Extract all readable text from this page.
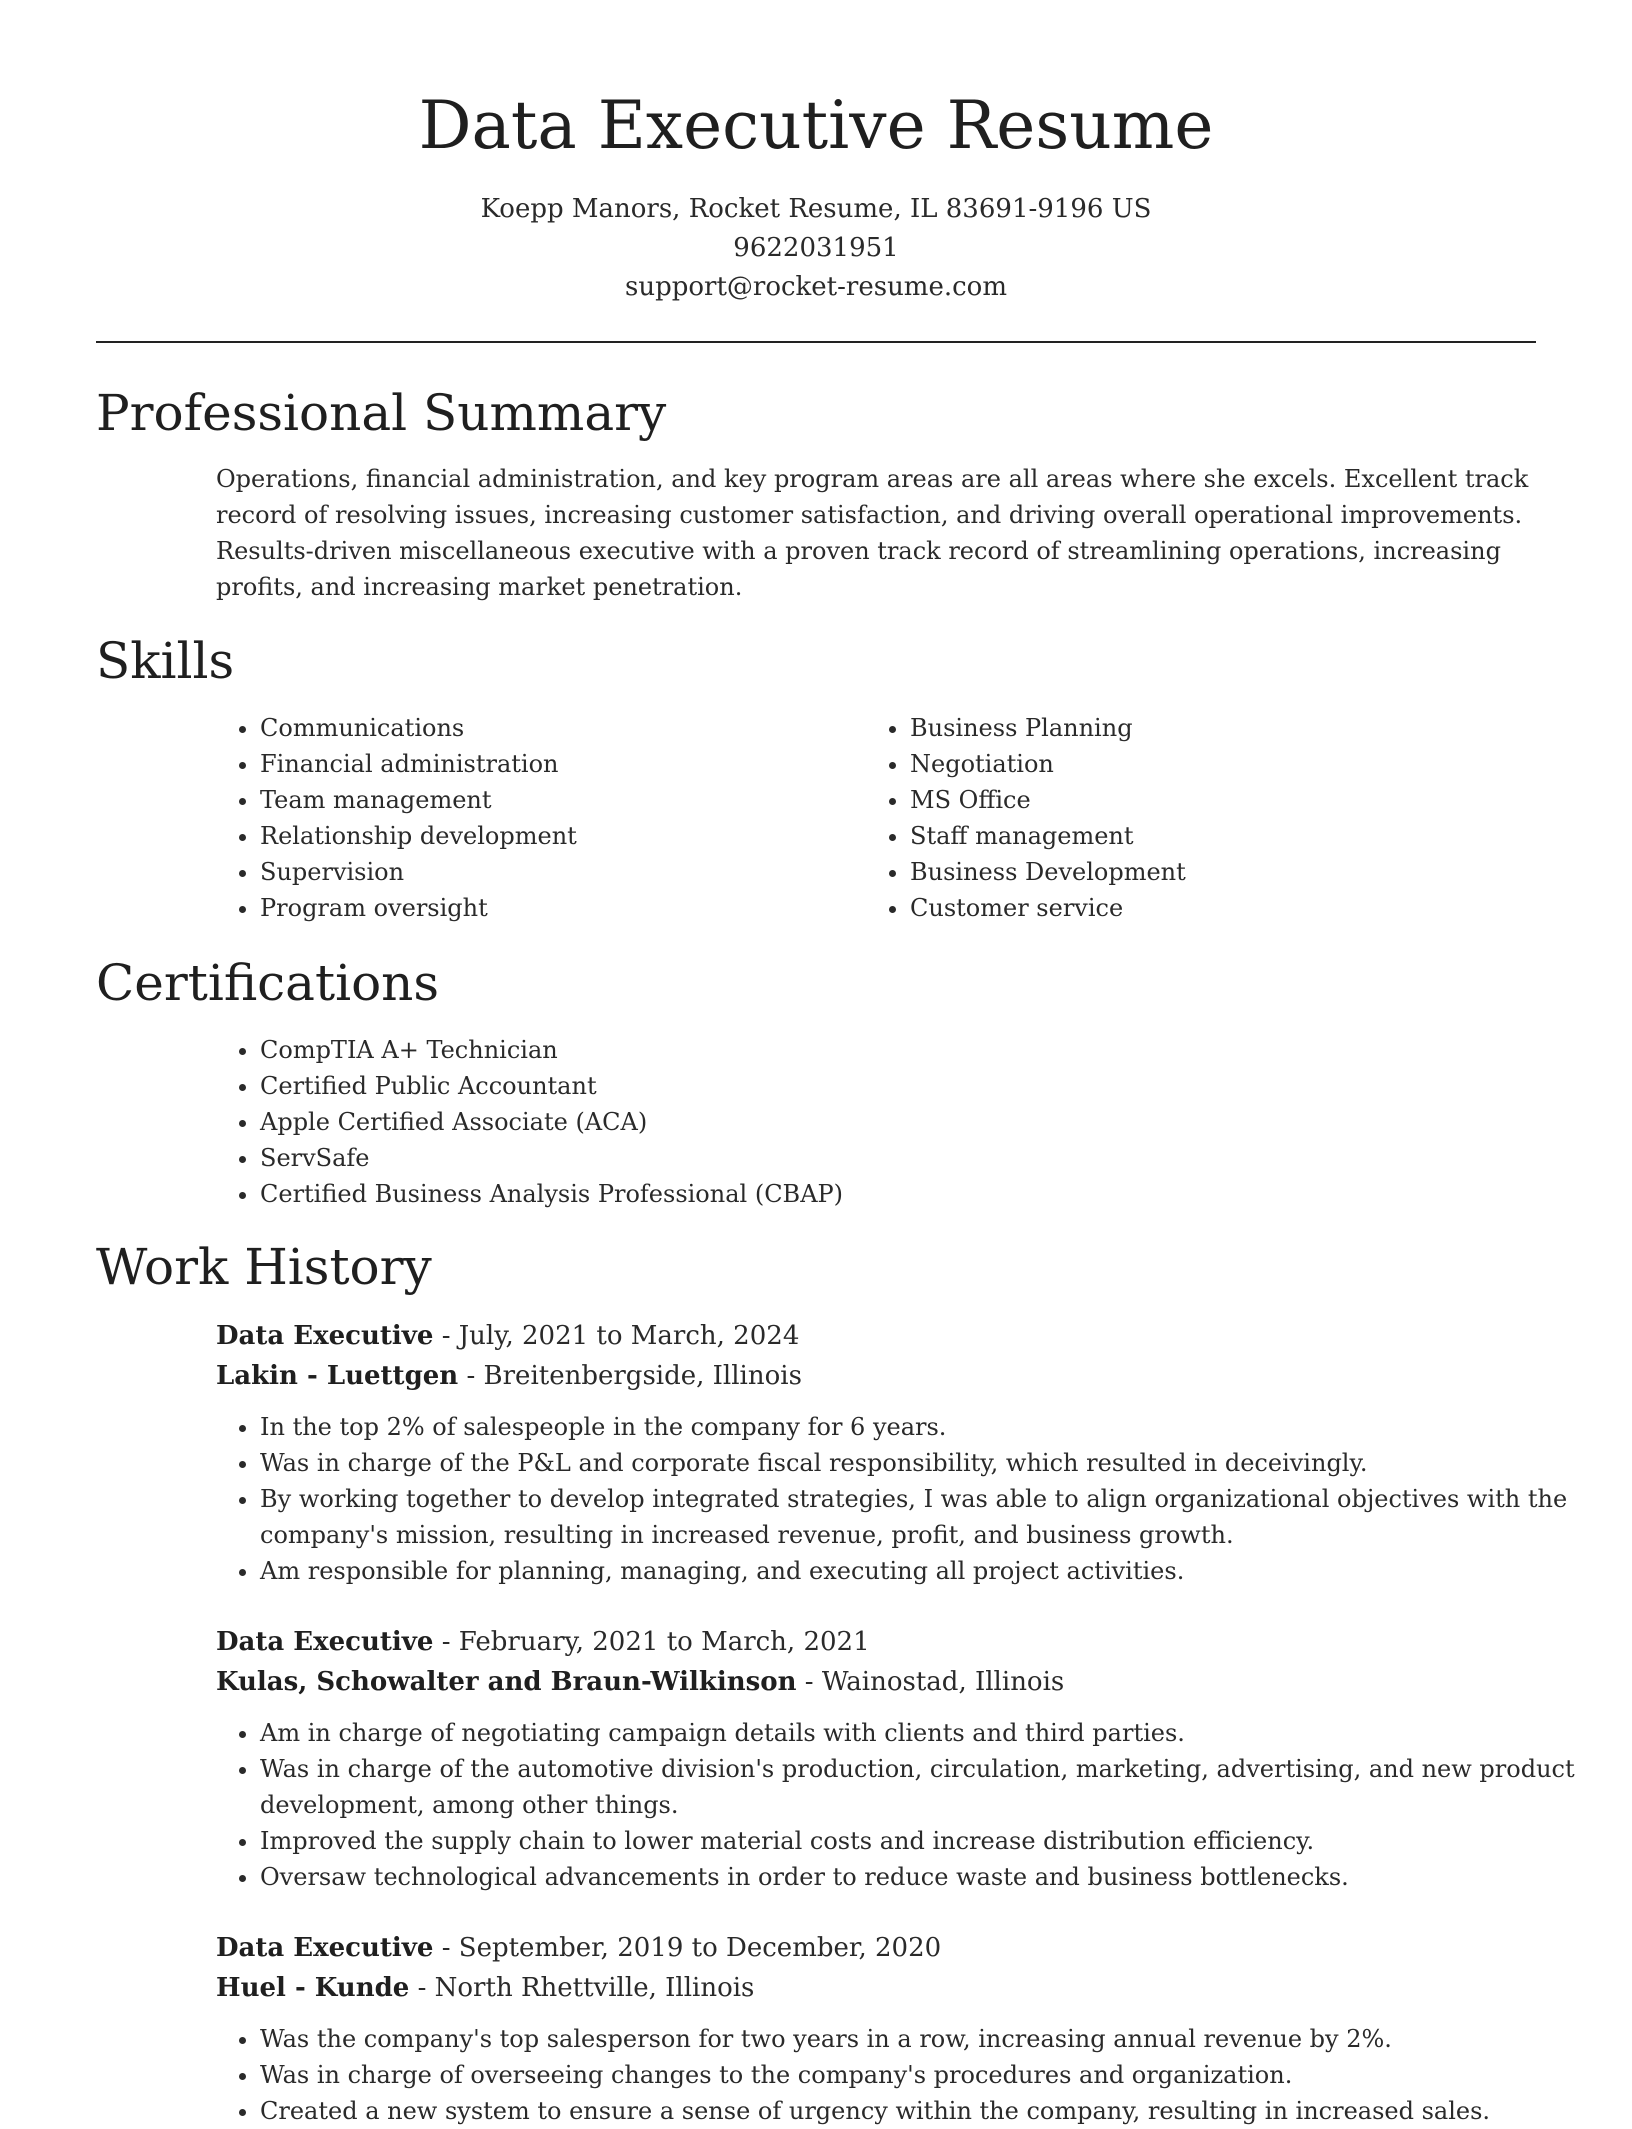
Data Executive Resume
Koepp Manors, Rocket Resume, IL 83691-9196 US
9622031951
support@rocket-resume.com
Professional Summary

Operations, financial administration, and key program areas are all areas where she excels. Excellent track record of resolving issues, increasing customer satisfaction, and driving overall operational improvements. Results-driven miscellaneous executive with a proven track record of streamlining operations, increasing profits, and increasing market penetration.

Skills
• Communications
• Financial administration
• Team management
• Relationship development
• Supervision
• Program oversight
• Business Planning
• Negotiation
• MS Office
• Staff management
• Business Development
• Customer service
Certifications
• CompTIA A+ Technician
• Certified Public Accountant
• Apple Certified Associate (ACA)
• ServSafe
• Certified Business Analysis Professional (CBAP)
Work History
Data Executive - July, 2021 to March, 2024
Lakin - Luettgen - Breitenbergside, Illinois
• In the top 2% of salespeople in the company for 6 years.
• Was in charge of the P&L and corporate fiscal responsibility, which resulted in deceivingly.
• By working together to develop integrated strategies, I was able to align organizational objectives with the company's mission, resulting in increased revenue, profit, and business growth.
• Am responsible for planning, managing, and executing all project activities.
Data Executive - February, 2021 to March, 2021
Kulas, Schowalter and Braun-Wilkinson - Wainostad, Illinois
• Am in charge of negotiating campaign details with clients and third parties.
• Was in charge of the automotive division's production, circulation, marketing, advertising, and new product development, among other things.
• Improved the supply chain to lower material costs and increase distribution efficiency.
• Oversaw technological advancements in order to reduce waste and business bottlenecks.
Data Executive - September, 2019 to December, 2020
Huel - Kunde - North Rhettville, Illinois
• Was the company's top salesperson for two years in a row, increasing annual revenue by 2%.
• Was in charge of overseeing changes to the company's procedures and organization.
• Created a new system to ensure a sense of urgency within the company, resulting in increased sales.
